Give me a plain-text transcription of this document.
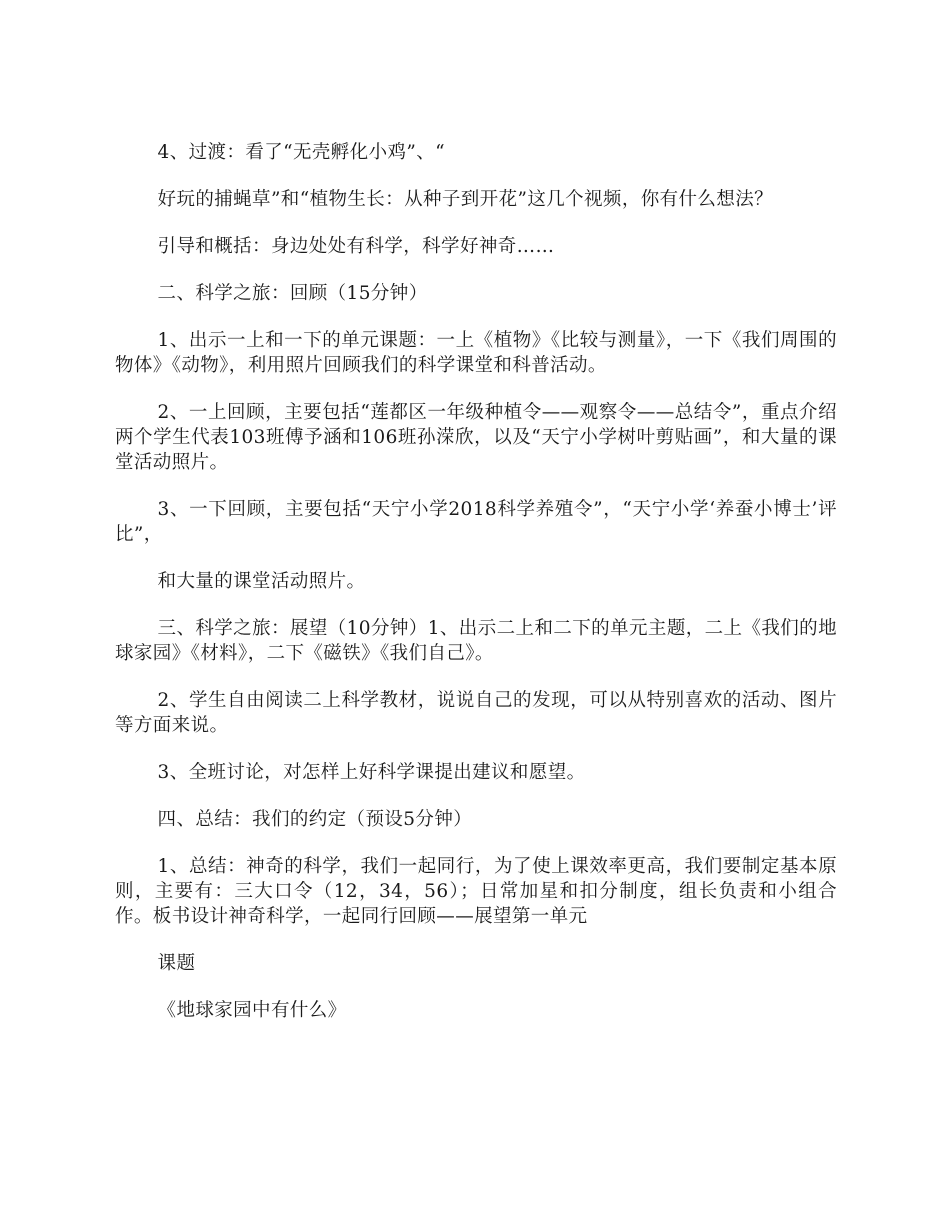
4、过渡：看了“无壳孵化小鸡”、“

好玩的捕蝇草”和“植物生长：从种子到开花”这几个视频，你有什么想法？

引导和概括：身边处处有科学，科学好神奇……

二、科学之旅：回顾（15分钟）

1、出示一上和一下的单元课题：一上《植物》《比较与测量》，一下《我们周围的物体》《动物》，利用照片回顾我们的科学课堂和科普活动。

2、一上回顾，主要包括“莲都区一年级种植令——观察令——总结令”，重点介绍两个学生代表103班傅予涵和106班孙溁欣，以及“天宁小学树叶剪贴画”，和大量的课堂活动照片。

3、一下回顾，主要包括“天宁小学2018科学养殖令”，“天宁小学‘养蚕小博士’评比”，

和大量的课堂活动照片。

三、科学之旅：展望（10分钟）1、出示二上和二下的单元主题，二上《我们的地球家园》《材料》，二下《磁铁》《我们自己》。

2、学生自由阅读二上科学教材，说说自己的发现，可以从特别喜欢的活动、图片等方面来说。

3、全班讨论，对怎样上好科学课提出建议和愿望。

四、总结：我们的约定（预设5分钟）

1、总结：神奇的科学，我们一起同行，为了使上课效率更高，我们要制定基本原则，主要有：三大口令（12，34，56）；日常加星和扣分制度，组长负责和小组合作。板书设计神奇科学，一起同行回顾——展望第一单元

课题

《地球家园中有什么》
